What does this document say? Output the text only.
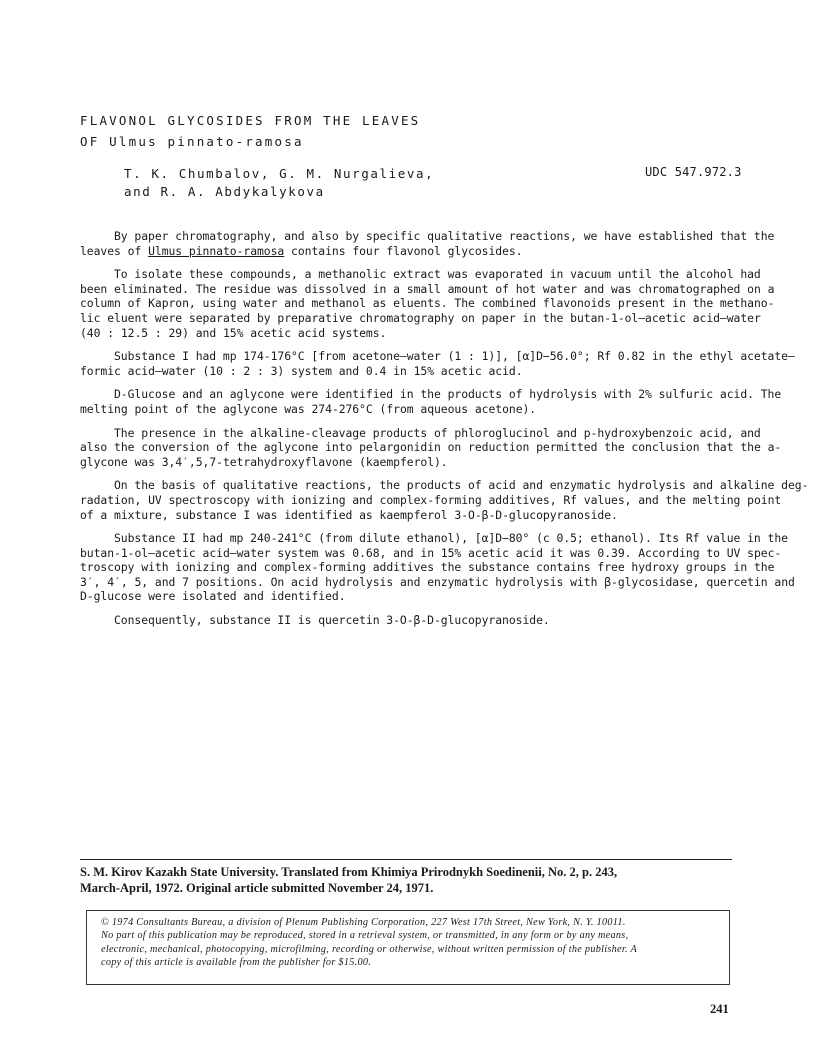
FLAVONOL GLYCOSIDES FROM THE LEAVES
OF Ulmus pinnato-ramosa
T. K. Chumbalov, G. M. Nurgalieva,
and R. A. Abdykalykova
UDC 547.972.3

By paper chromatography, and also by specific qualitative reactions, we have established that the
leaves of Ulmus pinnato-ramosa contains four flavonol glycosides.

To isolate these compounds, a methanolic extract was evaporated in vacuum until the alcohol had
been eliminated. The residue was dissolved in a small amount of hot water and was chromatographed on a
column of Kapron, using water and methanol as eluents. The combined flavonoids present in the methano-
lic eluent were separated by preparative chromatography on paper in the butan-1-ol—acetic acid—water
(40 : 12.5 : 29) and 15% acetic acid systems.

Substance I had mp 174-176°C [from acetone—water (1 : 1)], [α]D−56.0°; Rf 0.82 in the ethyl acetate—
formic acid—water (10 : 2 : 3) system and 0.4 in 15% acetic acid.

D-Glucose and an aglycone were identified in the products of hydrolysis with 2% sulfuric acid. The
melting point of the aglycone was 274-276°C (from aqueous acetone).

The presence in the alkaline-cleavage products of phloroglucinol and p-hydroxybenzoic acid, and
also the conversion of the aglycone into pelargonidin on reduction permitted the conclusion that the a-
glycone was 3,4′,5,7-tetrahydroxyflavone (kaempferol).

On the basis of qualitative reactions, the products of acid and enzymatic hydrolysis and alkaline deg-
radation, UV spectroscopy with ionizing and complex-forming additives, Rf values, and the melting point
of a mixture, substance I was identified as kaempferol 3-O-β-D-glucopyranoside.

Substance II had mp 240-241°C (from dilute ethanol), [α]D−80° (c 0.5; ethanol). Its Rf value in the
butan-1-ol—acetic acid—water system was 0.68, and in 15% acetic acid it was 0.39. According to UV spec-
troscopy with ionizing and complex-forming additives the substance contains free hydroxy groups in the
3′, 4′, 5, and 7 positions. On acid hydrolysis and enzymatic hydrolysis with β-glycosidase, quercetin and
D-glucose were isolated and identified.

Consequently, substance II is quercetin 3-O-β-D-glucopyranoside.

S. M. Kirov Kazakh State University. Translated from Khimiya Prirodnykh Soedinenii, No. 2, p. 243,
March-April, 1972. Original article submitted November 24, 1971.
© 1974 Consultants Bureau, a division of Plenum Publishing Corporation, 227 West 17th Street, New York, N. Y. 10011.
No part of this publication may be reproduced, stored in a retrieval system, or transmitted, in any form or by any means,
electronic, mechanical, photocopying, microfilming, recording or otherwise, without written permission of the publisher. A
copy of this article is available from the publisher for $15.00.
241
